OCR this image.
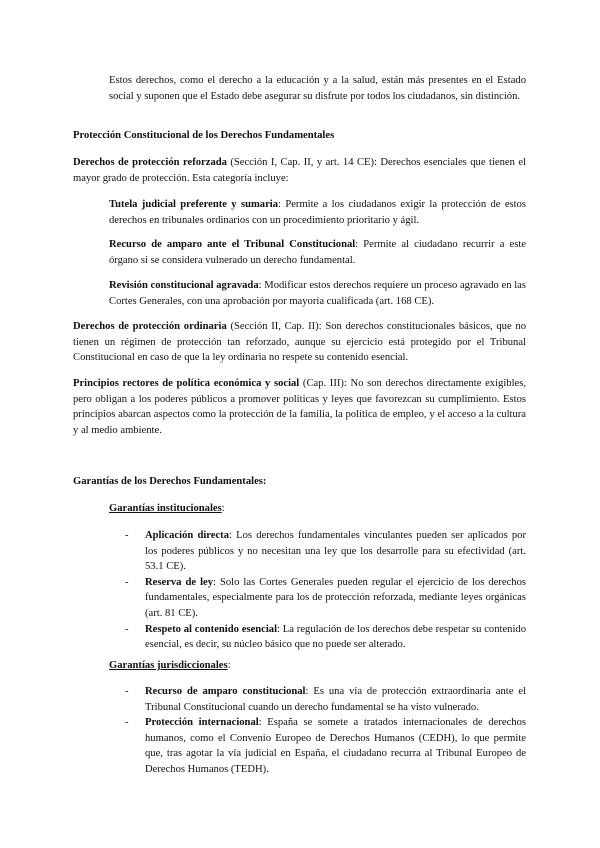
Estos derechos, como el derecho a la educación y a la salud, están más presentes en el Estado social y suponen que el Estado debe asegurar su disfrute por todos los ciudadanos, sin distinción.

Protección Constitucional de los Derechos Fundamentales

Derechos de protección reforzada (Sección I, Cap. II, y art. 14 CE): Derechos esenciales que tienen el mayor grado de protección. Esta categoría incluye:

Tutela judicial preferente y sumaria: Permite a los ciudadanos exigir la protección de estos derechos en tribunales ordinarios con un procedimiento prioritario y ágil.

Recurso de amparo ante el Tribunal Constitucional: Permite al ciudadano recurrir a este órgano si se considera vulnerado un derecho fundamental.

Revisión constitucional agravada: Modificar estos derechos requiere un proceso agravado en las Cortes Generales, con una aprobación por mayoría cualificada (art. 168 CE).

Derechos de protección ordinaria (Sección II, Cap. II): Son derechos constitucionales básicos, que no tienen un régimen de protección tan reforzado, aunque su ejercicio está protegido por el Tribunal Constitucional en caso de que la ley ordinaria no respete su contenido esencial.

Principios rectores de política económica y social (Cap. III): No son derechos directamente exigibles, pero obligan a los poderes públicos a promover políticas y leyes que favorezcan su cumplimiento. Estos principios abarcan aspectos como la protección de la familia, la política de empleo, y el acceso a la cultura y al medio ambiente.

Garantías de los Derechos Fundamentales:

Garantías institucionales:

- Aplicación directa: Los derechos fundamentales vinculantes pueden ser aplicados por los poderes públicos y no necesitan una ley que los desarrolle para su efectividad (art. 53.1 CE).
- Reserva de ley: Solo las Cortes Generales pueden regular el ejercicio de los derechos fundamentales, especialmente para los de protección reforzada, mediante leyes orgánicas (art. 81 CE).
- Respeto al contenido esencial: La regulación de los derechos debe respetar su contenido esencial, es decir, su núcleo básico que no puede ser alterado.

Garantías jurisdiccionales:

- Recurso de amparo constitucional: Es una vía de protección extraordinaria ante el Tribunal Constitucional cuando un derecho fundamental se ha visto vulnerado.
- Protección internacional: España se somete a tratados internacionales de derechos humanos, como el Convenio Europeo de Derechos Humanos (CEDH), lo que permite que, tras agotar la vía judicial en España, el ciudadano recurra al Tribunal Europeo de Derechos Humanos (TEDH).
